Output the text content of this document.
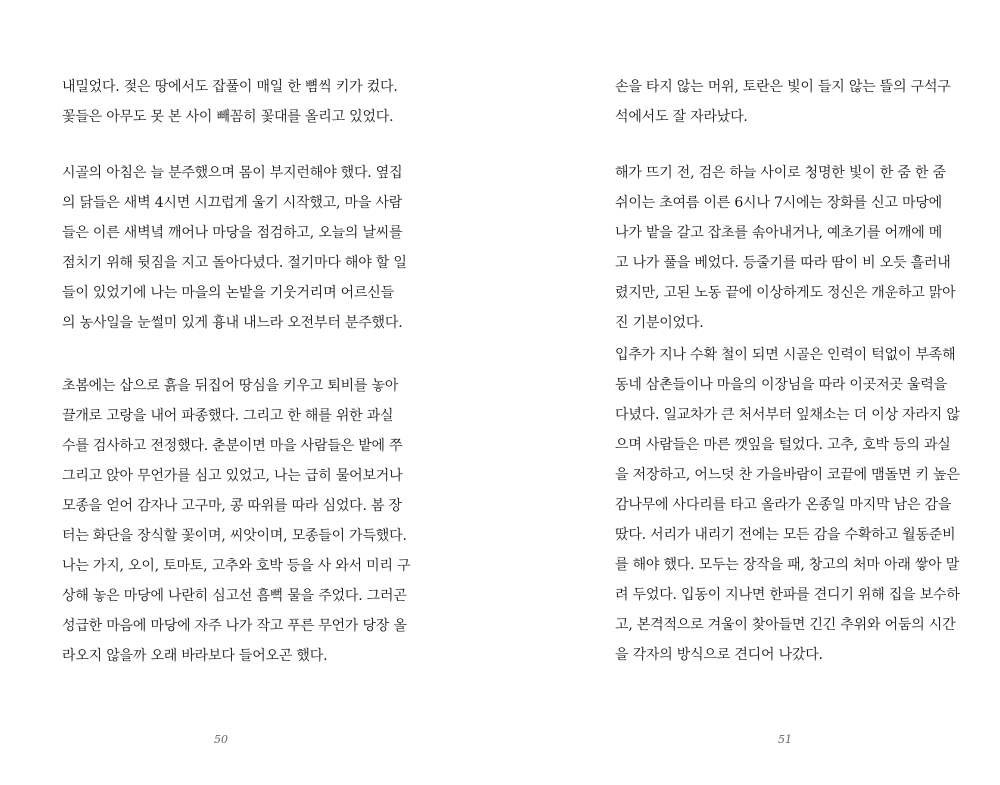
내밀었다. 젖은 땅에서도 잡풀이 매일 한 뼘씩 키가 컸다.
꽃들은 아무도 못 본 사이 빼꼼히 꽃대를 올리고 있었다.
시골의 아침은 늘 분주했으며 몸이 부지런해야 했다. 옆집
의 닭들은 새벽 4시면 시끄럽게 울기 시작했고, 마을 사람
들은 이른 새벽녘 깨어나 마당을 점검하고, 오늘의 날씨를
점치기 위해 뒷짐을 지고 돌아다녔다. 절기마다 해야 할 일
들이 있었기에 나는 마을의 논밭을 기웃거리며 어르신들
의 농사일을 눈썰미 있게 흉내 내느라 오전부터 분주했다.
초봄에는 삽으로 흙을 뒤집어 땅심을 키우고 퇴비를 놓아
끌개로 고랑을 내어 파종했다. 그리고 한 해를 위한 과실
수를 검사하고 전정했다. 춘분이면 마을 사람들은 밭에 쭈
그리고 앉아 무언가를 심고 있었고, 나는 급히 물어보거나
모종을 얻어 감자나 고구마, 콩 따위를 따라 심었다. 봄 장
터는 화단을 장식할 꽃이며, 씨앗이며, 모종들이 가득했다.
나는 가지, 오이, 토마토, 고추와 호박 등을 사 와서 미리 구
상해 놓은 마당에 나란히 심고선 흠뻑 물을 주었다. 그러곤
성급한 마음에 마당에 자주 나가 작고 푸른 무언가 당장 올
라오지 않을까 오래 바라보다 들어오곤 했다.
50
손을 타지 않는 머위, 토란은 빛이 들지 않는 뜰의 구석구
석에서도 잘 자라났다.
해가 뜨기 전, 검은 하늘 사이로 청명한 빛이 한 줌 한 줌
쉬이는 초여름 이른 6시나 7시에는 장화를 신고 마당에
나가 밭을 갈고 잡초를 솎아내거나, 예초기를 어깨에 메
고 나가 풀을 베었다. 등줄기를 따라 땀이 비 오듯 흘러내
렸지만, 고된 노동 끝에 이상하게도 정신은 개운하고 맑아
진 기분이었다.
입추가 지나 수확 철이 되면 시골은 인력이 턱없이 부족해
동네 삼촌들이나 마을의 이장님을 따라 이곳저곳 울력을
다녔다. 일교차가 큰 처서부터 잎채소는 더 이상 자라지 않
으며 사람들은 마른 깻잎을 털었다. 고추, 호박 등의 과실
을 저장하고, 어느덧 찬 가을바람이 코끝에 맴돌면 키 높은
감나무에 사다리를 타고 올라가 온종일 마지막 남은 감을
땄다. 서리가 내리기 전에는 모든 감을 수확하고 월동준비
를 해야 했다. 모두는 장작을 패, 창고의 처마 아래 쌓아 말
려 두었다. 입동이 지나면 한파를 견디기 위해 집을 보수하
고, 본격적으로 겨울이 찾아들면 긴긴 추위와 어둠의 시간
을 각자의 방식으로 견디어 나갔다.
51
